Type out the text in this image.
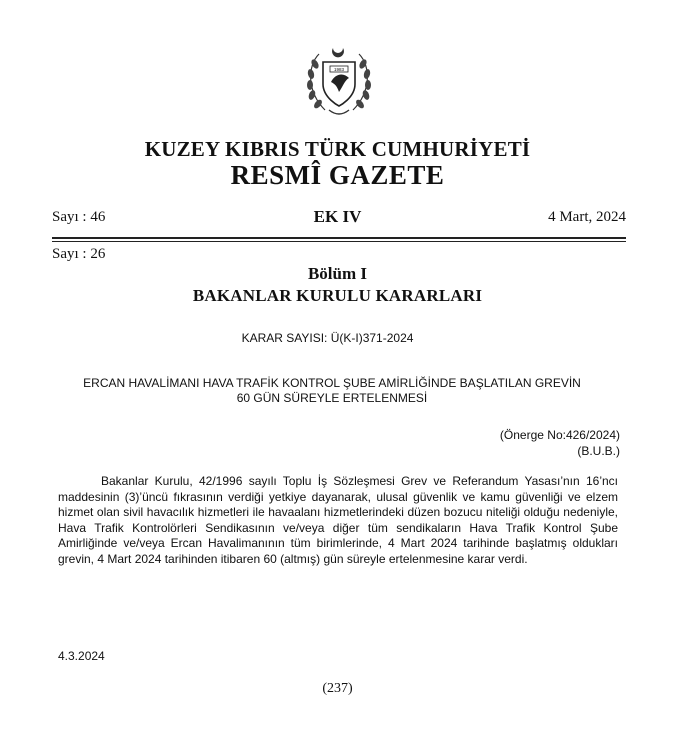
1983
KUZEY KIBRIS TÜRK CUMHURİYETİ
RESMÎ GAZETE
Sayı : 46	EK IV	4 Mart, 2024
Sayı : 26
Bölüm I
BAKANLAR KURULU KARARLARI
KARAR SAYISI: Ü(K-I)371-2024
ERCAN HAVALİMANI HAVA TRAFİK KONTROL ŞUBE AMİRLİĞİNDE BAŞLATILAN GREVİN
60 GÜN SÜREYLE ERTELENMESİ
(Önerge No:426/2024)
(B.U.B.)
Bakanlar Kurulu, 42/1996 sayılı Toplu İş Sözleşmesi Grev ve Referandum Yasası’nın 16’ncı maddesinin (3)’üncü fıkrasının verdiği yetkiye dayanarak, ulusal güvenlik ve kamu güvenliği ve elzem hizmet olan sivil havacılık hizmetleri ile havaalanı hizmetlerindeki düzen bozucu niteliği olduğu nedeniyle, Hava Trafik Kontrolörleri Sendikasının ve/veya diğer tüm sendikaların Hava Trafik Kontrol Şube Amirliğinde ve/veya Ercan Havalimanının tüm birimlerinde, 4 Mart 2024 tarihinde başlatmış oldukları grevin, 4 Mart 2024 tarihinden itibaren 60 (altmış) gün süreyle ertelenmesine karar verdi.
4.3.2024
(237)
